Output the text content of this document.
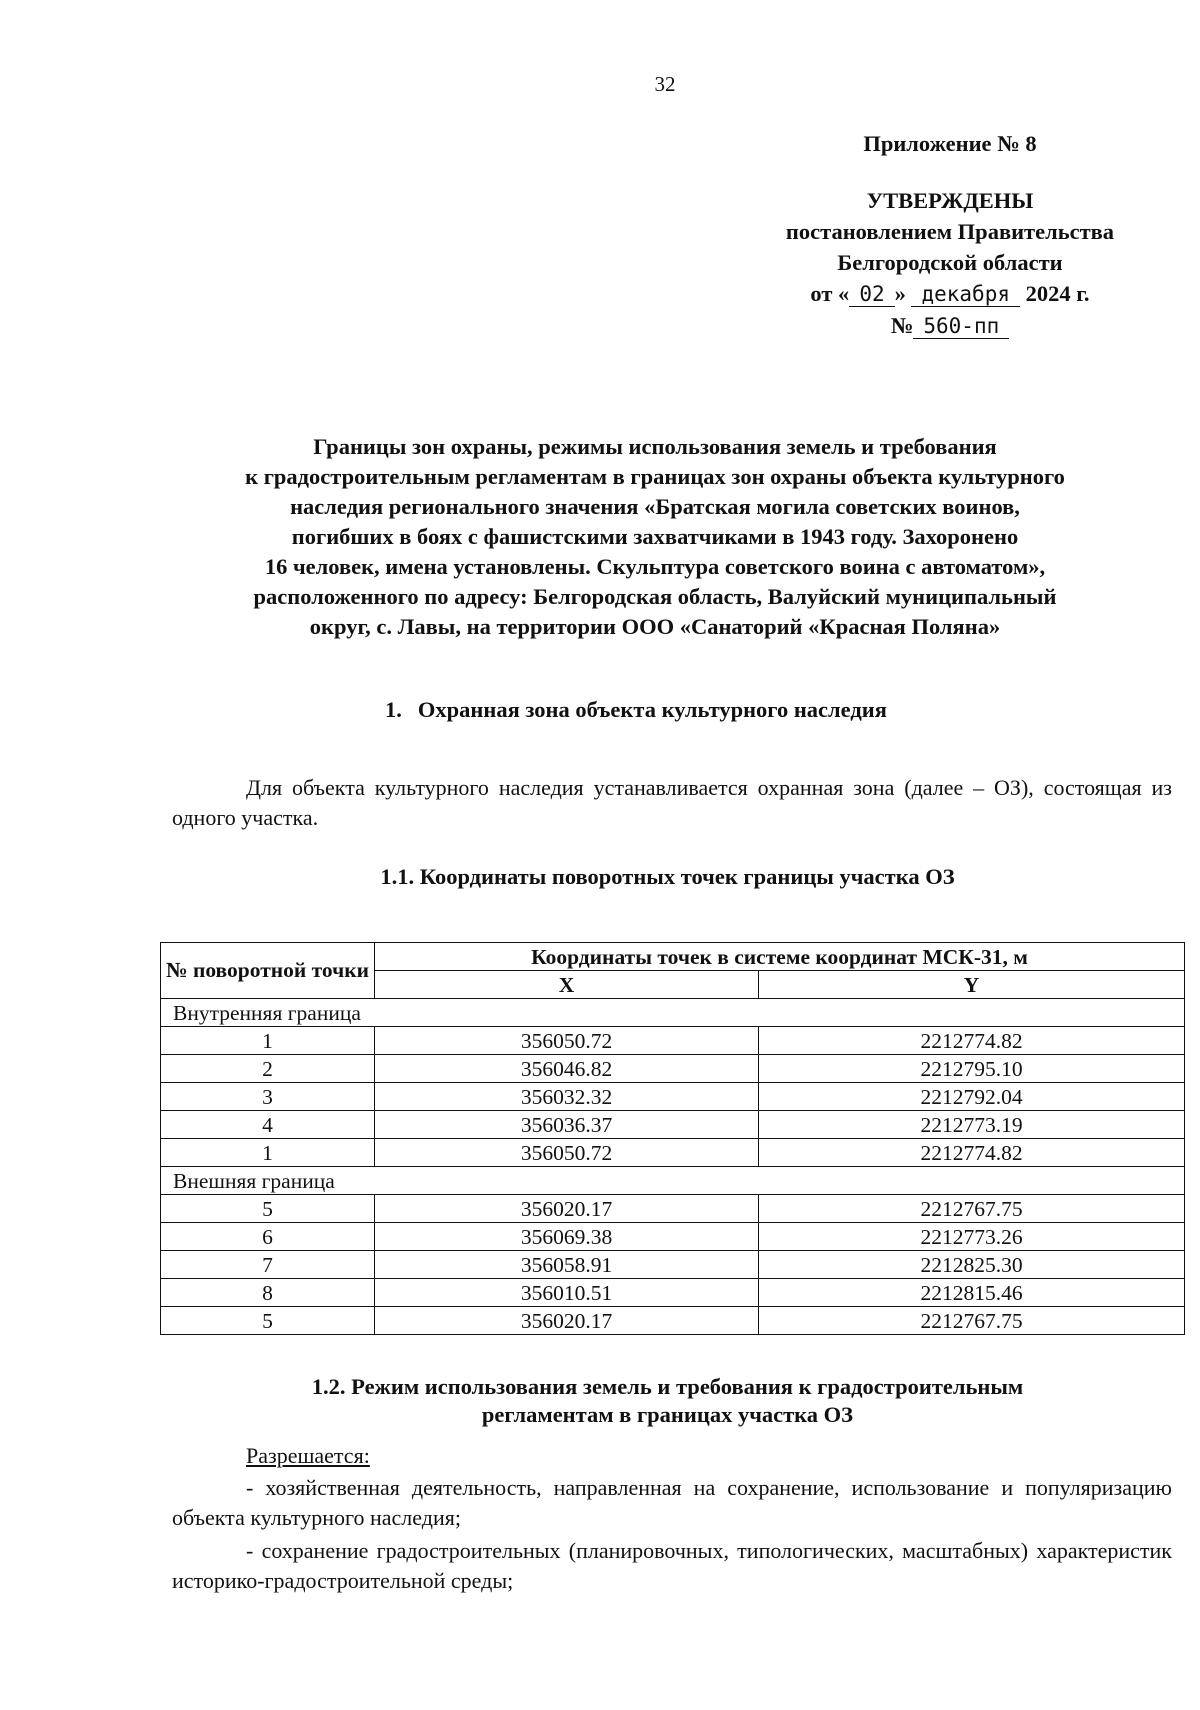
32
Приложение № 8
УТВЕРЖДЕНЫ
постановлением Правительства
Белгородской области
от « 02 » декабря 2024 г.
№ 560-пп
Границы зон охраны, режимы использования земель и требования
к градостроительным регламентам в границах зон охраны объекта культурного
наследия регионального значения «Братская могила советских воинов,
погибших в боях с фашистскими захватчиками в 1943 году. Захоронено
16 человек, имена установлены. Скульптура советского воина с автоматом»,
расположенного по адресу: Белгородская область, Валуйский муниципальный
округ, с. Лавы, на территории ООО «Санаторий «Красная Поляна»
1. Охранная зона объекта культурного наследия
Для объекта культурного наследия устанавливается охранная зона (далее – ОЗ), состоящая из одного участка.
1.1. Координаты поворотных точек границы участка ОЗ
№ поворотной точки	Координаты точек в системе координат МСК-31, м	
	X	Y
Внутренняя граница		
1	356050.72	2212774.82
2	356046.82	2212795.10
3	356032.32	2212792.04
4	356036.37	2212773.19
1	356050.72	2212774.82
Внешняя граница		
5	356020.17	2212767.75
6	356069.38	2212773.26
7	356058.91	2212825.30
8	356010.51	2212815.46
5	356020.17	2212767.75
1.2. Режим использования земель и требования к градостроительным
регламентам в границах участка ОЗ
Разрешается:
- хозяйственная деятельность, направленная на сохранение, использование и популяризацию объекта культурного наследия;
- сохранение градостроительных (планировочных, типологических, масштабных) характеристик историко-градостроительной среды;
